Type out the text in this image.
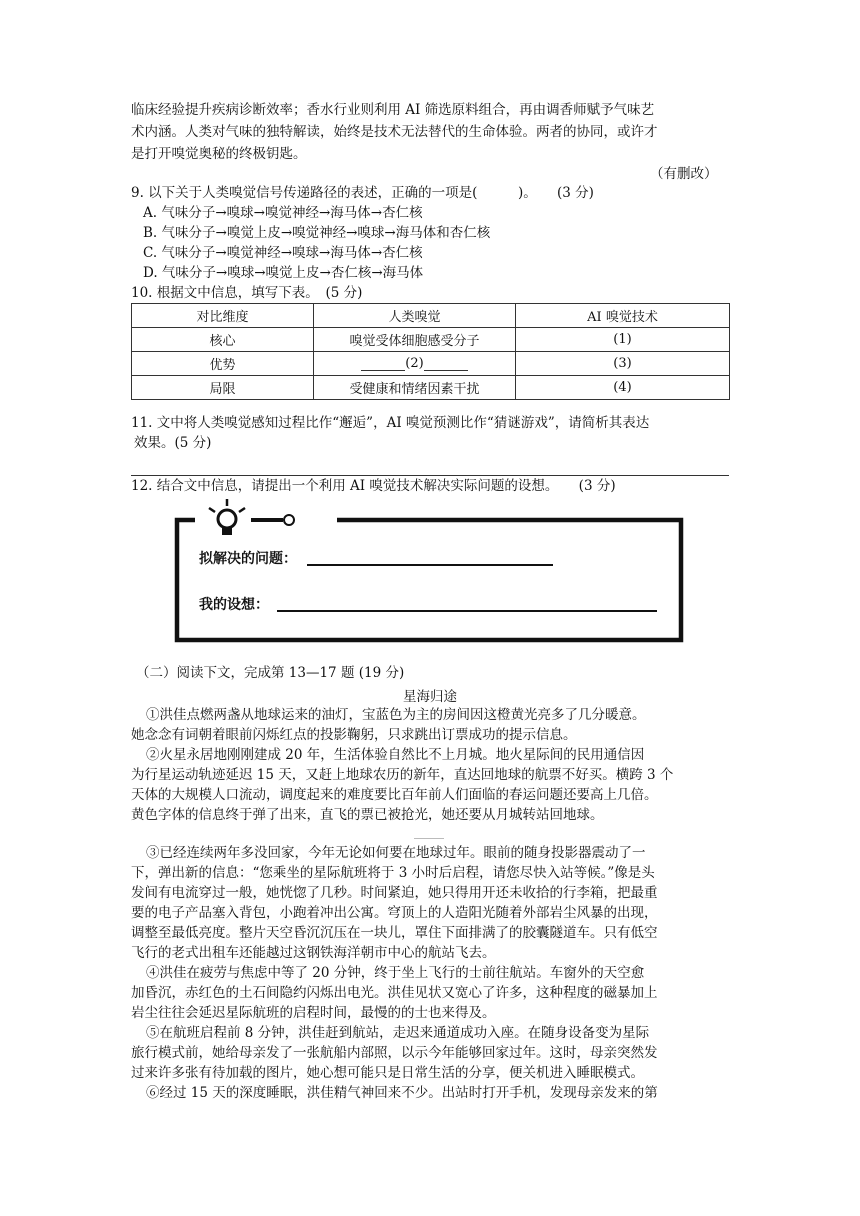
临床经验提升疾病诊断效率；香水行业则利用 AI 筛选原料组合，再由调香师赋予气味艺
术内涵。人类对气味的独特解读，始终是技术无法替代的生命体验。两者的协同，或许才
是打开嗅觉奥秘的终极钥匙。
（有删改）
9. 以下关于人类嗅觉信号传递路径的表述，正确的一项是(　　　)。　　(3 分)
A. 气味分子→嗅球→嗅觉神经→海马体→杏仁核
B. 气味分子→嗅觉上皮→嗅觉神经→嗅球→海马体和杏仁核
C. 气味分子→嗅觉神经→嗅球→海马体→杏仁核
D. 气味分子→嗅球→嗅觉上皮→杏仁核→海马体
10. 根据文中信息，填写下表。　(5 分)
对比维度	人类嗅觉	AI 嗅觉技术
核心	嗅觉受体细胞感受分子	(1)
优势	(2)	(3)
局限	受健康和情绪因素干扰	(4)
11. 文中将人类嗅觉感知过程比作“邂逅”，AI 嗅觉预测比作“猜谜游戏”，请简析其表达
效果。(5 分)
12. 结合文中信息，请提出一个利用 AI 嗅觉技术解决实际问题的设想。　　(3 分)
拟解决的问题：
我的设想：
（二）阅读下文，完成第 13—17 题 (19 分)
星海归途
①洪佳点燃两盏从地球运来的油灯，宝蓝色为主的房间因这橙黄光亮多了几分暖意。
她念念有词朝着眼前闪烁红点的投影鞠躬，只求跳出订票成功的提示信息。
②火星永居地刚刚建成 20 年，生活体验自然比不上月城。地火星际间的民用通信因
为行星运动轨迹延迟 15 天，又赶上地球农历的新年，直达回地球的航票不好买。横跨 3 个
天体的大规模人口流动，调度起来的难度要比百年前人们面临的春运问题还要高上几倍。
黄色字体的信息终于弹了出来，直飞的票已被抢光，她还要从月城转站回地球。
③已经连续两年多没回家，今年无论如何要在地球过年。眼前的随身投影器震动了一
下，弹出新的信息：“您乘坐的星际航班将于 3 小时后启程，请您尽快入站等候。”像是头
发间有电流穿过一般，她恍惚了几秒。时间紧迫，她只得用开还未收拾的行李箱，把最重
要的电子产品塞入背包，小跑着冲出公寓。穹顶上的人造阳光随着外部岩尘风暴的出现，
调整至最低亮度。整片天空昏沉沉压在一块儿，罩住下面排满了的胶囊隧道车。只有低空
飞行的老式出租车还能越过这钢铁海洋朝市中心的航站飞去。
④洪佳在疲劳与焦虑中等了 20 分钟，终于坐上飞行的士前往航站。车窗外的天空愈
加昏沉，赤红色的土石间隐约闪烁出电光。洪佳见状又宽心了许多，这种程度的磁暴加上
岩尘往往会延迟星际航班的启程时间，最慢的的士也来得及。
⑤在航班启程前 8 分钟，洪佳赶到航站，走迟来通道成功入座。在随身设备变为星际
旅行模式前，她给母亲发了一张航船内部照，以示今年能够回家过年。这时，母亲突然发
过来许多张有待加载的图片，她心想可能只是日常生活的分享，便关机进入睡眠模式。
⑥经过 15 天的深度睡眠，洪佳精气神回来不少。出站时打开手机，发现母亲发来的第
